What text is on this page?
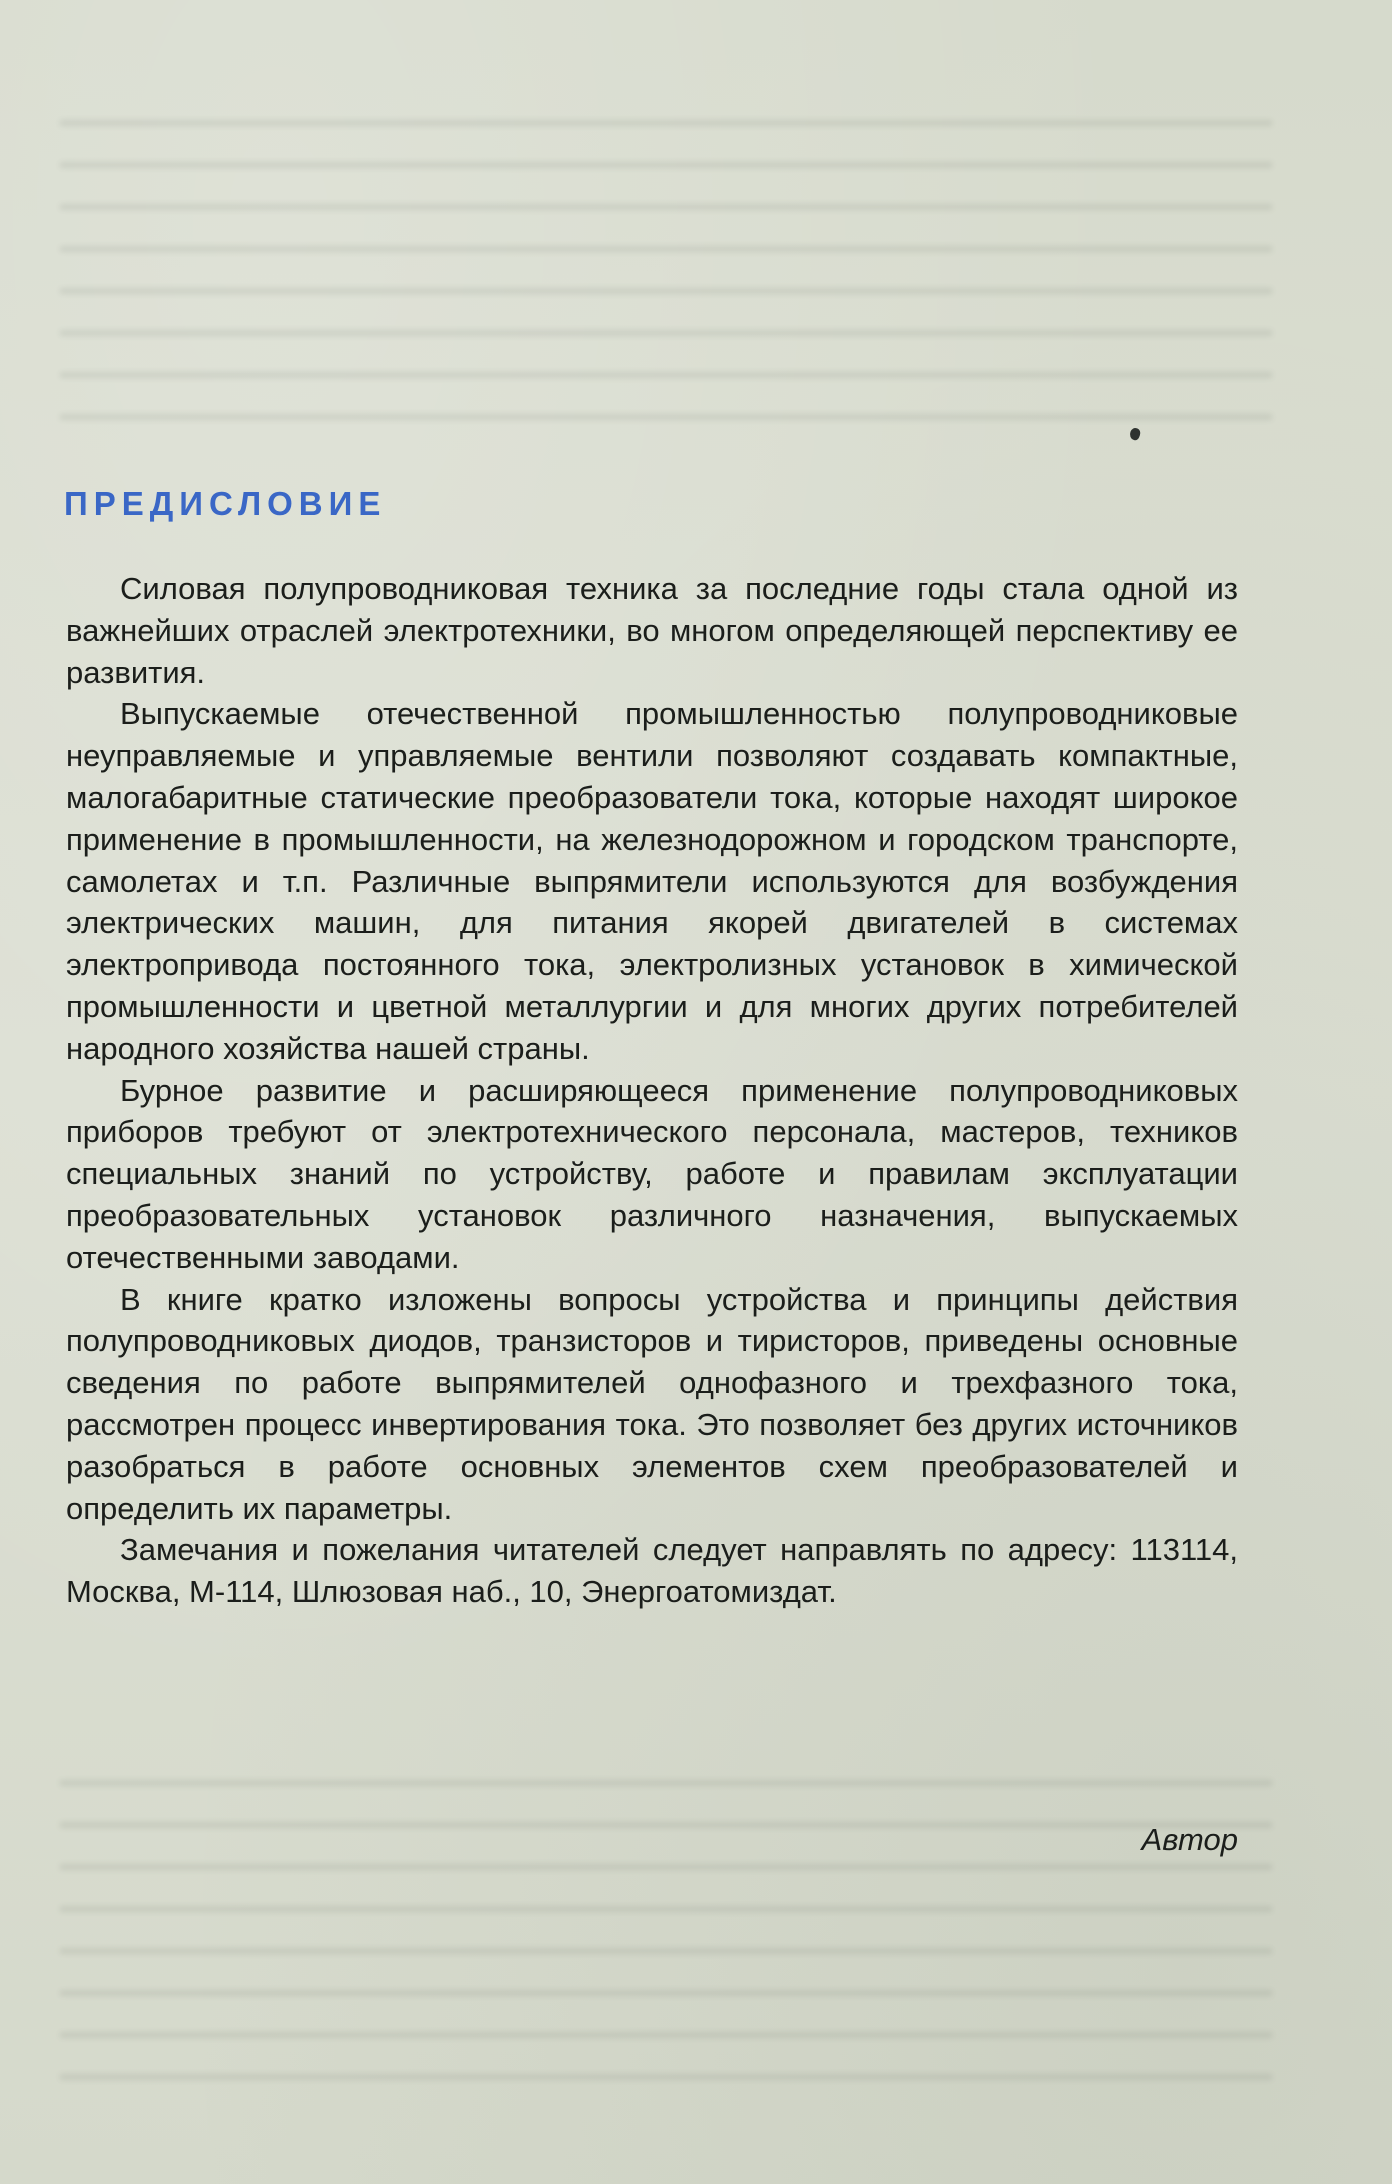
ПРЕДИСЛОВИЕ

Силовая полупроводниковая техника за последние годы стала одной из важнейших отраслей электротехники, во многом определяющей перспективу ее развития.

Выпускаемые отечественной промышленностью полупроводниковые неуправляемые и управляемые вентили позволяют создавать компактные, малогабаритные статические преобразователи тока, которые находят широкое применение в промышленности, на железнодорожном и городском транспорте, самолетах и т.п. Различные выпрямители используются для возбуждения электрических машин, для питания якорей двигателей в системах электропривода постоянного тока, электролизных установок в химической промышленности и цветной металлургии и для многих других потребителей народного хозяйства нашей страны.

Бурное развитие и расширяющееся применение полупроводниковых приборов требуют от электротехнического персонала, мастеров, техников специальных знаний по устройству, работе и правилам эксплуатации преобразовательных установок различного назначения, выпускаемых отечественными заводами.

В книге кратко изложены вопросы устройства и принципы действия полупроводниковых диодов, транзисторов и тиристоров, приведены основные сведения по работе выпрямителей однофазного и трехфазного тока, рассмотрен процесс инвертирования тока. Это позволяет без других источников разобраться в работе основных элементов схем преобразователей и определить их параметры.

Замечания и пожелания читателей следует направлять по адресу: 113114, Москва, М-114, Шлюзовая наб., 10, Энергоатомиздат.

Автор
